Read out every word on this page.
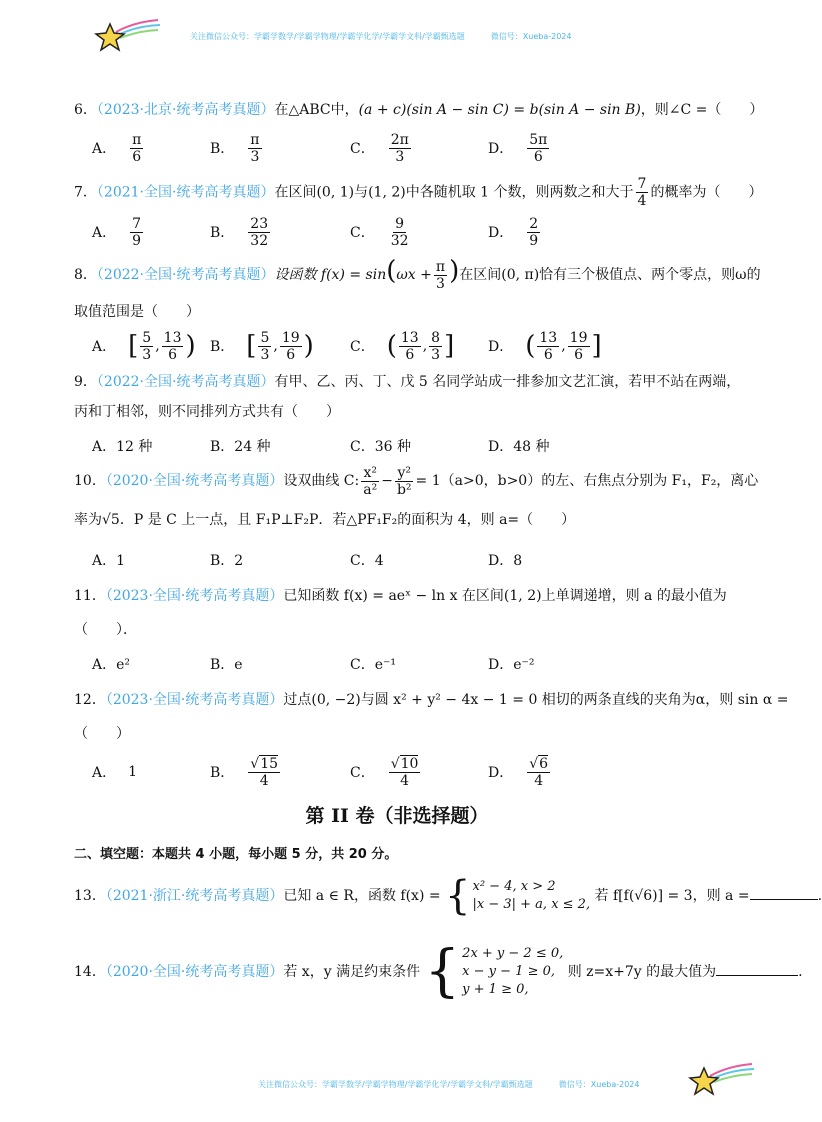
关注微信公众号：学霸学数学/学霸学物理/学霸学化学/学霸学文科/学霸甄选题	微信号：Xueba-2024
6．（2023·北京·统考高考真题）在△ABC中，(a + c)(sin A − sin C) = b(sin A − sin B)，则∠C =（　　）
A． $\frac{\pi}{6}$	B． $\frac{\pi}{3}$	C． $\frac{2\pi}{3}$	D． $\frac{5\pi}{6}$
7．（2021·全国·统考高考真题）在区间(0, 1)与(1, 2)中各随机取 1 个数，则两数之和大于 $\frac{7}{4}$ 的概率为（　　）
A． $\frac{7}{9}$	B． $\frac{23}{32}$	C． $\frac{9}{32}$	D． $\frac{2}{9}$
8．（2022·全国·统考高考真题）设函数 $f(x) = \sin(\omega x + \frac{\pi}{3}$ )在区间(0, π)恰有三个极值点、两个零点，则ω的
取值范围是（　　）
A． [ $\frac{5}{3}$ , $\frac{13}{6}$ ) B． [ $\frac{5}{3}$ , $\frac{19}{6}$ )	C． ( $\frac{13}{6}$ , $\frac{8}{3}$ ] D． ( $\frac{13}{6}$ , $\frac{19}{6}$ ]
9．（2022·全国·统考高考真题）有甲、乙、丙、丁、戊 5 名同学站成一排参加文艺汇演，若甲不站在两端，
丙和丁相邻，则不同排列方式共有（　　）
A．12 种	B．24 种	C．36 种	D．48 种
10．（2020·全国·统考高考真题）设双曲线 C: $\frac{\text{x²}}{\text{a²}} - \frac{\text{y²}}{\text{b²}} = 1(a>0$，b>0）的左、右焦点分别为 F₁，F₂，离心
率为√5．P 是 C 上一点，且 F₁P⊥F₂P．若△PF₁F₂的面积为 4，则 a=（　　）
A．1	B．2	C．4	D．8
11．（2023·全国·统考高考真题）已知函数 f(x) = aeˣ − ln x 在区间(1, 2)上单调递增，则 a 的最小值为
（　　）．
A．e²	B．e	C．e⁻¹	D．e⁻²
12．（2023·全国·统考高考真题）过点(0, −2)与圆 x² + y² − 4x − 1 = 0 相切的两条直线的夹角为α，则 sin α =
（　　）
A． 1	B． $\frac{√15}{4}$	C． $\frac{√10}{4}$	D． $\frac{√6}{4}$
第 II 卷（非选择题）
二、填空题：本题共 4 小题，每小题 5 分，共 20 分。
13．（2021·浙江·统考高考真题）已知 a ∈ R，函数 f(x) = { x² − 4, x > 2
|x − 3| + a, x ≤ 2,
若 f[f(√6)] = 3，则 a =	.
14．（2020·全国·统考高考真题）若 x，y 满足约束条件 { 2x + y − 2 ≤ 0,
x − y − 1 ≥ 0,
y + 1 ≥ 0,
则 z=x+7y 的最大值为	.
关注微信公众号：学霸学数学/学霸学物理/学霸学化学/学霸学文科/学霸甄选题	微信号：Xueba-2024
